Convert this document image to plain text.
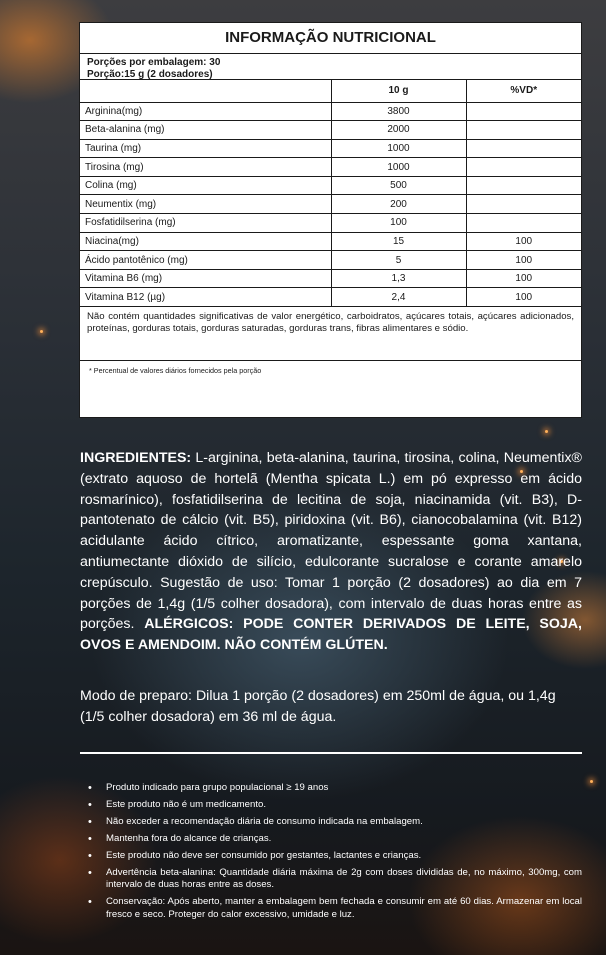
INFORMAÇÃO NUTRICIONAL
Porções por embalagem: 30
Porção:15 g (2 dosadores)
	10 g	%VD*
Arginina(mg)	3800	
Beta-alanina (mg)	2000	
Taurina (mg)	1000	
Tirosina (mg)	1000	
Colina (mg)	500	
Neumentix (mg)	200	
Fosfatidilserina (mg)	100	
Niacina(mg)	15	100
Ácido pantotênico (mg)	5	100
Vitamina B6 (mg)	1,3	100
Vitamina B12 (µg)	2,4	100
Não contém quantidades significativas de valor energético, carboidratos, açúcares totais, açúcares adicionados, proteínas, gorduras totais, gorduras saturadas, gorduras trans, fibras alimentares e sódio.
* Percentual de valores diários fornecidos pela porção
INGREDIENTES: L-arginina, beta-alanina, taurina, tirosina, colina, Neumentix® (extrato aquoso de hortelã (Mentha spicata L.) em pó expresso em ácido rosmarínico), fosfatidilserina de lecitina de soja, niacinamida (vit. B3), D-pantotenato de cálcio (vit. B5), piridoxina (vit. B6), cianocobalamina (vit. B12) acidulante ácido cítrico, aromatizante, espessante goma xantana, antiumectante dióxido de silício, edulcorante sucralose e corante amarelo crepúsculo. Sugestão de uso: Tomar 1 porção (2 dosadores) ao dia em 7 porções de 1,4g (1/5 colher dosadora), com intervalo de duas horas entre as porções. ALÉRGICOS: PODE CONTER DERIVADOS DE LEITE, SOJA, OVOS E AMENDOIM. NÃO CONTÉM GLÚTEN.
Modo de preparo: Dilua 1 porção (2 dosadores) em 250ml de água, ou 1,4g (1/5 colher dosadora) em 36 ml de água.
• Produto indicado para grupo populacional ≥ 19 anos
• Este produto não é um medicamento.
• Não exceder a recomendação diária de consumo indicada na embalagem.
• Mantenha fora do alcance de crianças.
• Este produto não deve ser consumido por gestantes, lactantes e crianças.
• Advertência beta-alanina: Quantidade diária máxima de 2g com doses divididas de, no máximo, 300mg, com intervalo de duas horas entre as doses.
• Conservação: Após aberto, manter a embalagem bem fechada e consumir em até 60 dias. Armazenar em local fresco e seco. Proteger do calor excessivo, umidade e luz.
